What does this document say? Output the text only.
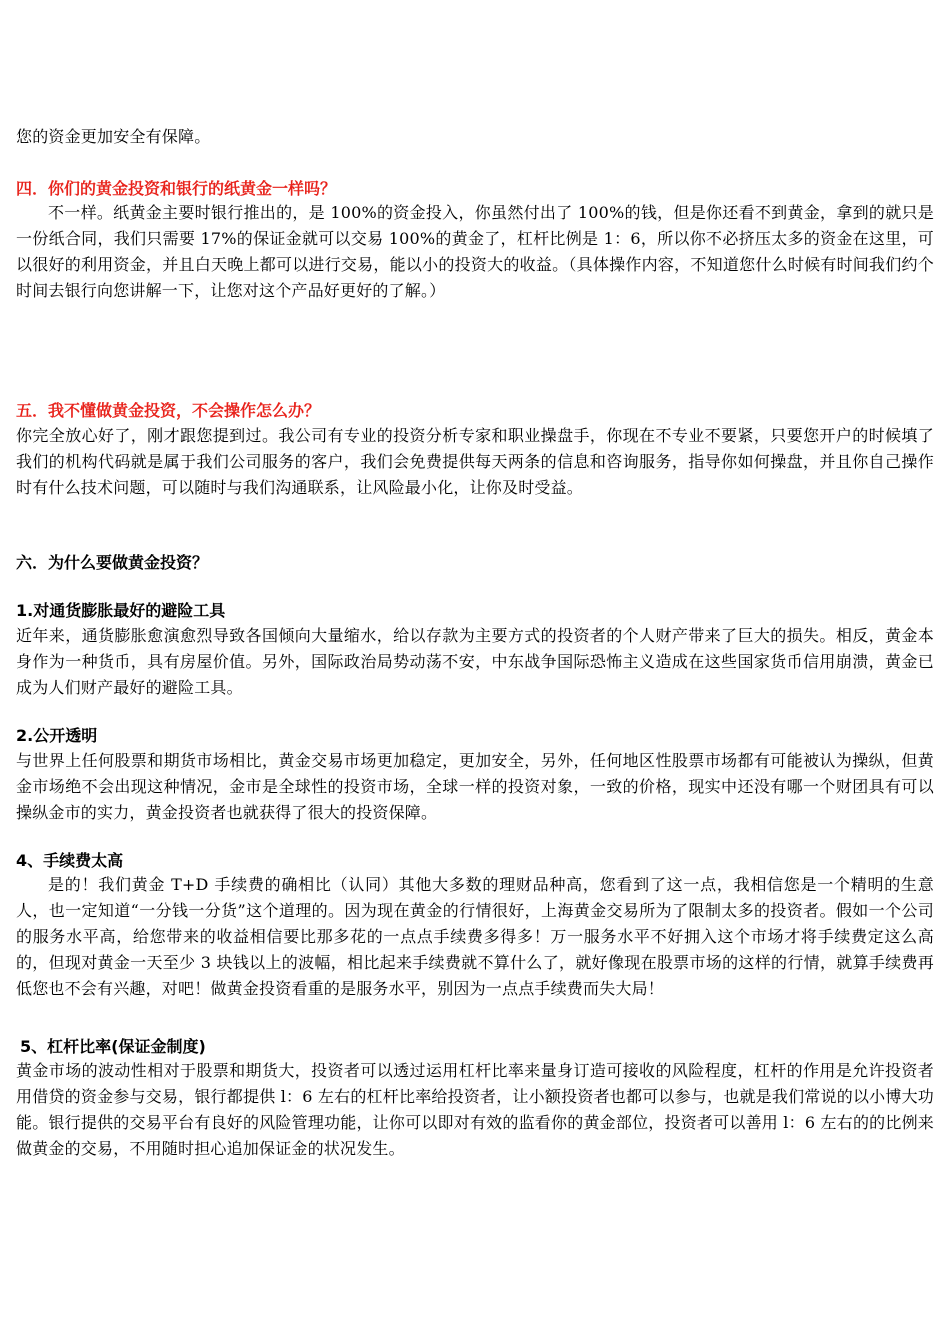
您的资金更加安全有保障。
四．你们的黄金投资和银行的纸黄金一样吗？
不一样。纸黄金主要时银行推出的，是 100%的资金投入，你虽然付出了 100%的钱，但是你还看不到黄金，拿到的就只是一份纸合同，我们只需要 17%的保证金就可以交易 100%的黄金了，杠杆比例是 1：6，所以你不必挤压太多的资金在这里，可以很好的利用资金，并且白天晚上都可以进行交易，能以小的投资大的收益。（具体操作内容，不知道您什么时候有时间我们约个时间去银行向您讲解一下，让您对这个产品好更好的了解。）
五．我不懂做黄金投资，不会操作怎么办？
你完全放心好了，刚才跟您提到过。我公司有专业的投资分析专家和职业操盘手，你现在不专业不要紧，只要您开户的时候填了我们的机构代码就是属于我们公司服务的客户，我们会免费提供每天两条的信息和咨询服务，指导你如何操盘，并且你自己操作时有什么技术问题，可以随时与我们沟通联系，让风险最小化，让你及时受益。
六．为什么要做黄金投资？
1.对通货膨胀最好的避险工具
近年来，通货膨胀愈演愈烈导致各国倾向大量缩水，给以存款为主要方式的投资者的个人财产带来了巨大的损失。相反，黄金本身作为一种货币，具有房屋价值。另外，国际政治局势动荡不安，中东战争国际恐怖主义造成在这些国家货币信用崩溃，黄金已成为人们财产最好的避险工具。
2.公开透明
与世界上任何股票和期货市场相比，黄金交易市场更加稳定，更加安全，另外，任何地区性股票市场都有可能被认为操纵，但黄金市场绝不会出现这种情况，金市是全球性的投资市场，全球一样的投资对象，一致的价格，现实中还没有哪一个财团具有可以操纵金市的实力，黄金投资者也就获得了很大的投资保障。
4、手续费太高
是的！我们黄金 T+D 手续费的确相比（认同）其他大多数的理财品种高，您看到了这一点，我相信您是一个精明的生意人，也一定知道“一分钱一分货”这个道理的。因为现在黄金的行情很好，上海黄金交易所为了限制太多的投资者。假如一个公司的服务水平高，给您带来的收益相信要比那多花的一点点手续费多得多！万一服务水平不好拥入这个市场才将手续费定这么高的，但现对黄金一天至少 3 块钱以上的波幅，相比起来手续费就不算什么了，就好像现在股票市场的这样的行情，就算手续费再低您也不会有兴趣，对吧！做黄金投资看重的是服务水平，别因为一点点手续费而失大局！
5、杠杆比率(保证金制度)
黄金市场的波动性相对于股票和期货大，投资者可以透过运用杠杆比率来量身订造可接收的风险程度，杠杆的作用是允许投资者用借贷的资金参与交易，银行都提供 l：6 左右的杠杆比率给投资者，让小额投资者也都可以参与，也就是我们常说的以小博大功能。银行提供的交易平台有良好的风险管理功能，让你可以即对有效的监看你的黄金部位，投资者可以善用 l：6 左右的的比例来做黄金的交易，不用随时担心追加保证金的状况发生。
